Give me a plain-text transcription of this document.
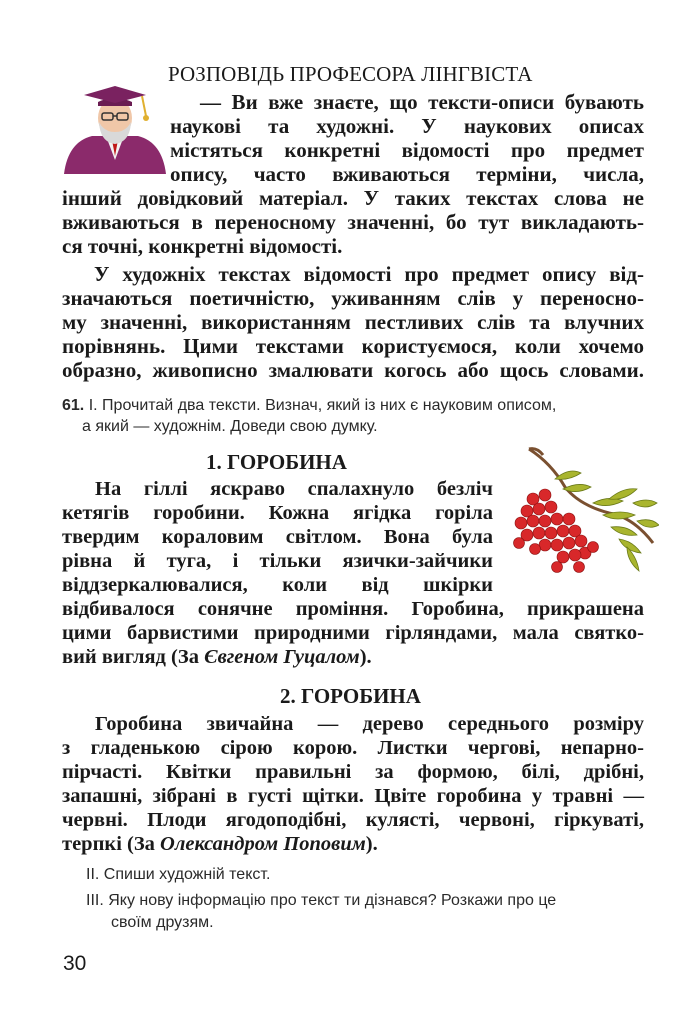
РОЗПОВІДЬ ПРОФЕСОРА ЛІНГВІСТА
— Ви вже знаєте, що тексти-описи бувають
наукові та художні. У наукових описах
містяться конкретні відомості про предмет
опису, часто вживаються терміни, числа,
інший довідковий матеріал. У таких текстах слова не
вживаються в переносному значенні, бо тут викладають-
ся точні, конкретні відомості.
У художніх текстах відомості про предмет опису від-
значаються поетичністю, уживанням слів у переносно-
му значенні, використанням пестливих слів та влучних
порівнянь. Цими текстами користуємося, коли хочемо
образно, живописно змалювати когось або щось словами.
61. І. Прочитай два тексти. Визнач, який із них є науковим описом,
а який — художнім. Доведи свою думку.
1. ГОРОБИНА
На гіллі яскраво спалахнуло безліч
кетягів горобини. Кожна ягідка горіла
твердим кораловим світлом. Вона була
рівна й туга, і тільки язички-зайчики
віддзеркалювалися, коли від шкірки
відбивалося сонячне проміння. Горобина, прикрашена
цими барвистими природними гірляндами, мала святко-
вий вигляд (За Євгеном Гуцалом).
2. ГОРОБИНА
Горобина звичайна — дерево середнього розміру
з гладенькою сірою корою. Листки чергові, непарно-
пірчасті. Квітки правильні за формою, білі, дрібні,
запашні, зібрані в густі щітки. Цвіте горобина у травні —
червні. Плоди ягодоподібні, кулясті, червоні, гіркуваті,
терпкі (За Олександром Поповим).
ІІ. Спиши художній текст.
ІІІ. Яку нову інформацію про текст ти дізнався? Розкажи про це
своїм друзям.
30
